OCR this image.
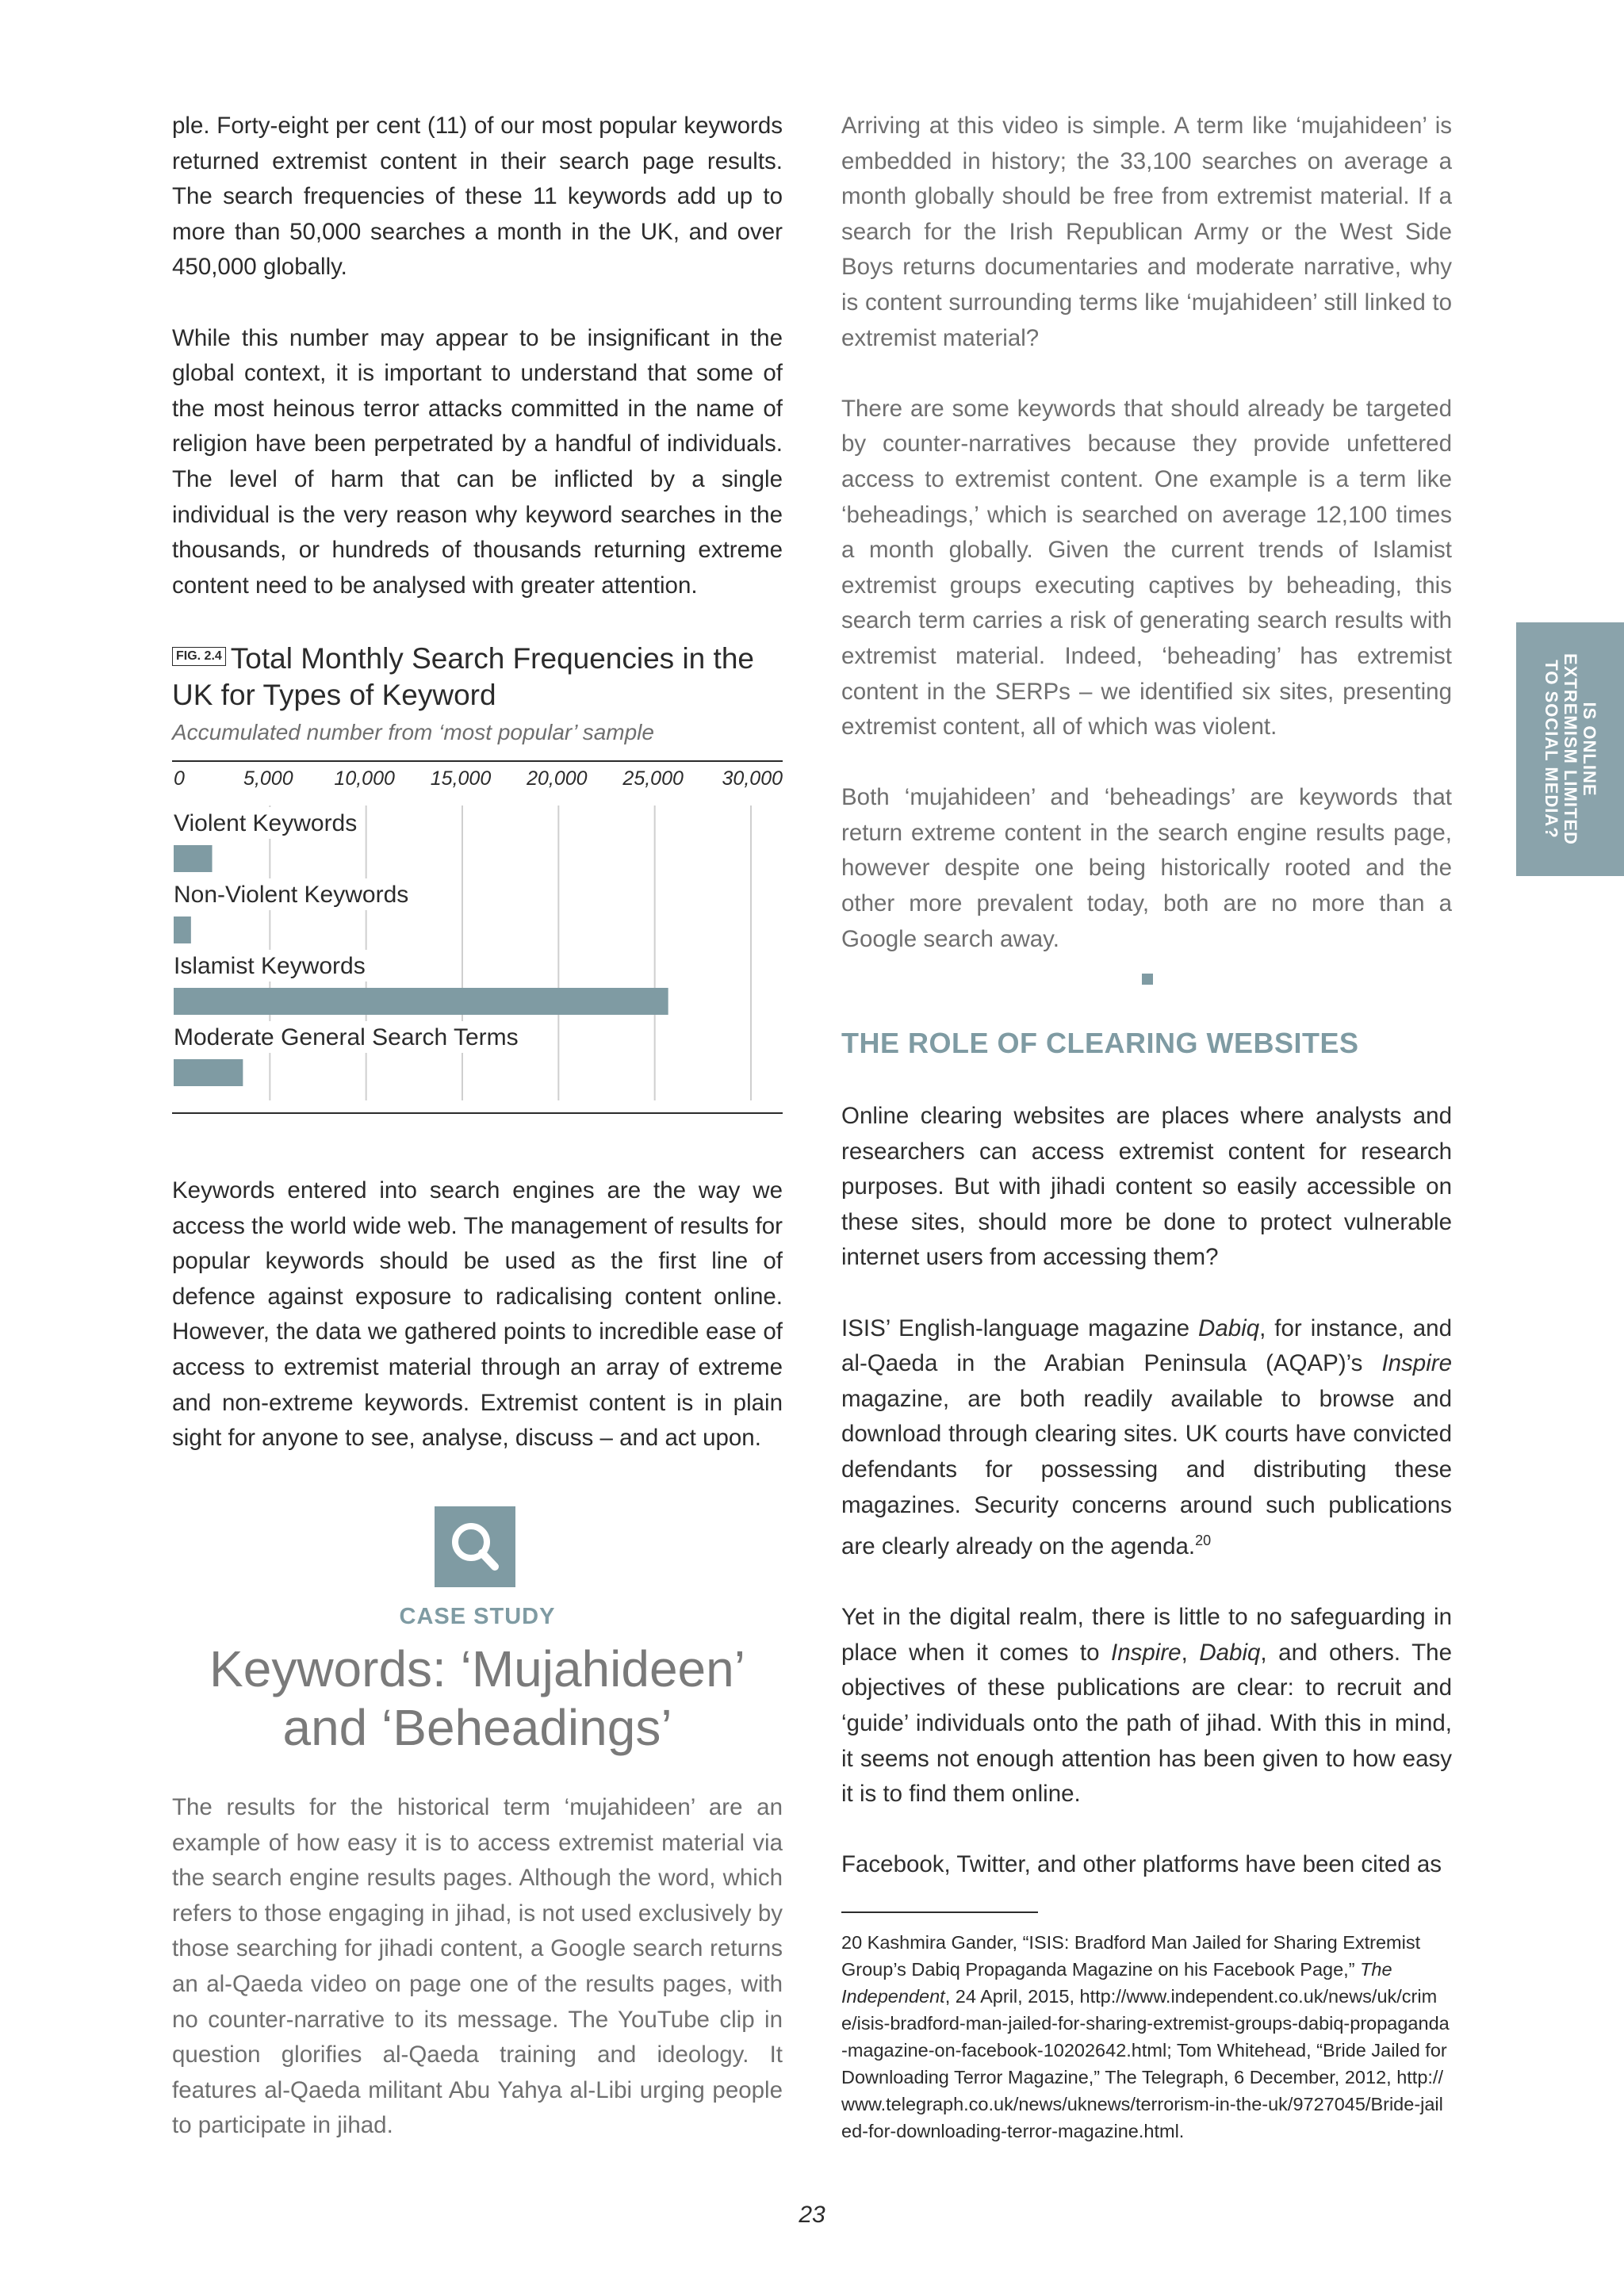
ple. Forty-eight per cent (11) of our most popular keywords returned extremist content in their search page results. The search frequencies of these 11 keywords add up to more than 50,000 searches a month in the UK, and over 450,000 globally.

While this number may appear to be insignificant in the global context, it is important to understand that some of the most heinous terror attacks committed in the name of religion have been perpetrated by a handful of individuals. The level of harm that can be inflicted by a single individual is the very reason why keyword searches in the thousands, or hundreds of thousands returning extreme content need to be analysed with greater attention.

FIG. 2.4 Total Monthly Search Frequencies in the UK for Types of Keyword
Accumulated number from ‘most popular’ sample
0	5,000 10,000 15,000 20,000 25,000 30,000
Violent Keywords
Non-Violent Keywords
Islamist Keywords
Moderate General Search Terms

Keywords entered into search engines are the way we access the world wide web. The management of results for popular keywords should be used as the first line of defence against exposure to radicalising content online. However, the data we gathered points to incredible ease of access to extremist material through an array of extreme and non-extreme keywords. Extremist content is in plain sight for anyone to see, analyse, discuss – and act upon.

CASE STUDY
Keywords: ‘Mujahideen’
and ‘Beheadings’
The results for the historical term ‘mujahideen’ are an example of how easy it is to access extremist material via the search engine results pages. Although the word, which refers to those engaging in jihad, is not used exclusively by those searching for jihadi content, a Google search returns an al-Qaeda video on page one of the results pages, with no counter-narrative to its message. The YouTube clip in question glorifies al-Qaeda training and ideology. It features al-Qaeda militant Abu Yahya al-Libi urging people to participate in jihad.

Arriving at this video is simple. A term like ‘mujahideen’ is embedded in history; the 33,100 searches on average a month globally should be free from extremist material. If a search for the Irish Republican Army or the West Side Boys returns documentaries and moderate narrative, why is content surrounding terms like ‘mujahideen’ still linked to extremist material?

There are some keywords that should already be targeted by counter-narratives because they provide unfettered access to extremist content. One example is a term like ‘beheadings,’ which is searched on average 12,100 times a month globally. Given the current trends of Islamist extremist groups executing captives by beheading, this search term carries a risk of generating search results with extremist material. Indeed, ‘beheading’ has extremist content in the SERPs – we identified six sites, presenting extremist content, all of which was violent.

Both ‘mujahideen’ and ‘beheadings’ are keywords that return extreme content in the search engine results page, however despite one being historically rooted and the other more prevalent today, both are no more than a Google search away.

THE ROLE OF CLEARING WEBSITES

Online clearing websites are places where analysts and researchers can access extremist content for research purposes. But with jihadi content so easily accessible on these sites, should more be done to protect vulnerable internet users from accessing them?

ISIS’ English-language magazine Dabiq, for instance, and al-Qaeda in the Arabian Peninsula (AQAP)’s Inspire magazine, are both readily available to browse and download through clearing sites. UK courts have convicted defendants for possessing and distributing these magazines. Security concerns around such publications are clearly already on the agenda.$^{20}$

Yet in the digital realm, there is little to no safeguarding in place when it comes to Inspire, Dabiq, and others. The objectives of these publications are clear: to recruit and ‘guide’ individuals onto the path of jihad. With this in mind, it seems not enough attention has been given to how easy it is to find them online.

Facebook, Twitter, and other platforms have been cited as

IS ONLINE
EXTREMISM LIMITED
TO SOCIAL MEDIA?
20 Kashmira Gander, “ISIS: Bradford Man Jailed for Sharing Extremist Group’s Dabiq Propaganda Magazine on his Facebook Page,” The Independent, 24 April, 2015, http://www.independent.co.uk/news/uk/crime/isis-bradford-man-jailed-for-sharing-extremist-groups-dabiq-propaganda-magazine-on-facebook-10202642.html; Tom Whitehead, “Bride Jailed for Downloading Terror Magazine,” The Telegraph, 6 December, 2012, http://www.telegraph.co.uk/news/uknews/terrorism-in-the-uk/9727045/Bride-jailed-for-downloading-terror-magazine.html.
23
